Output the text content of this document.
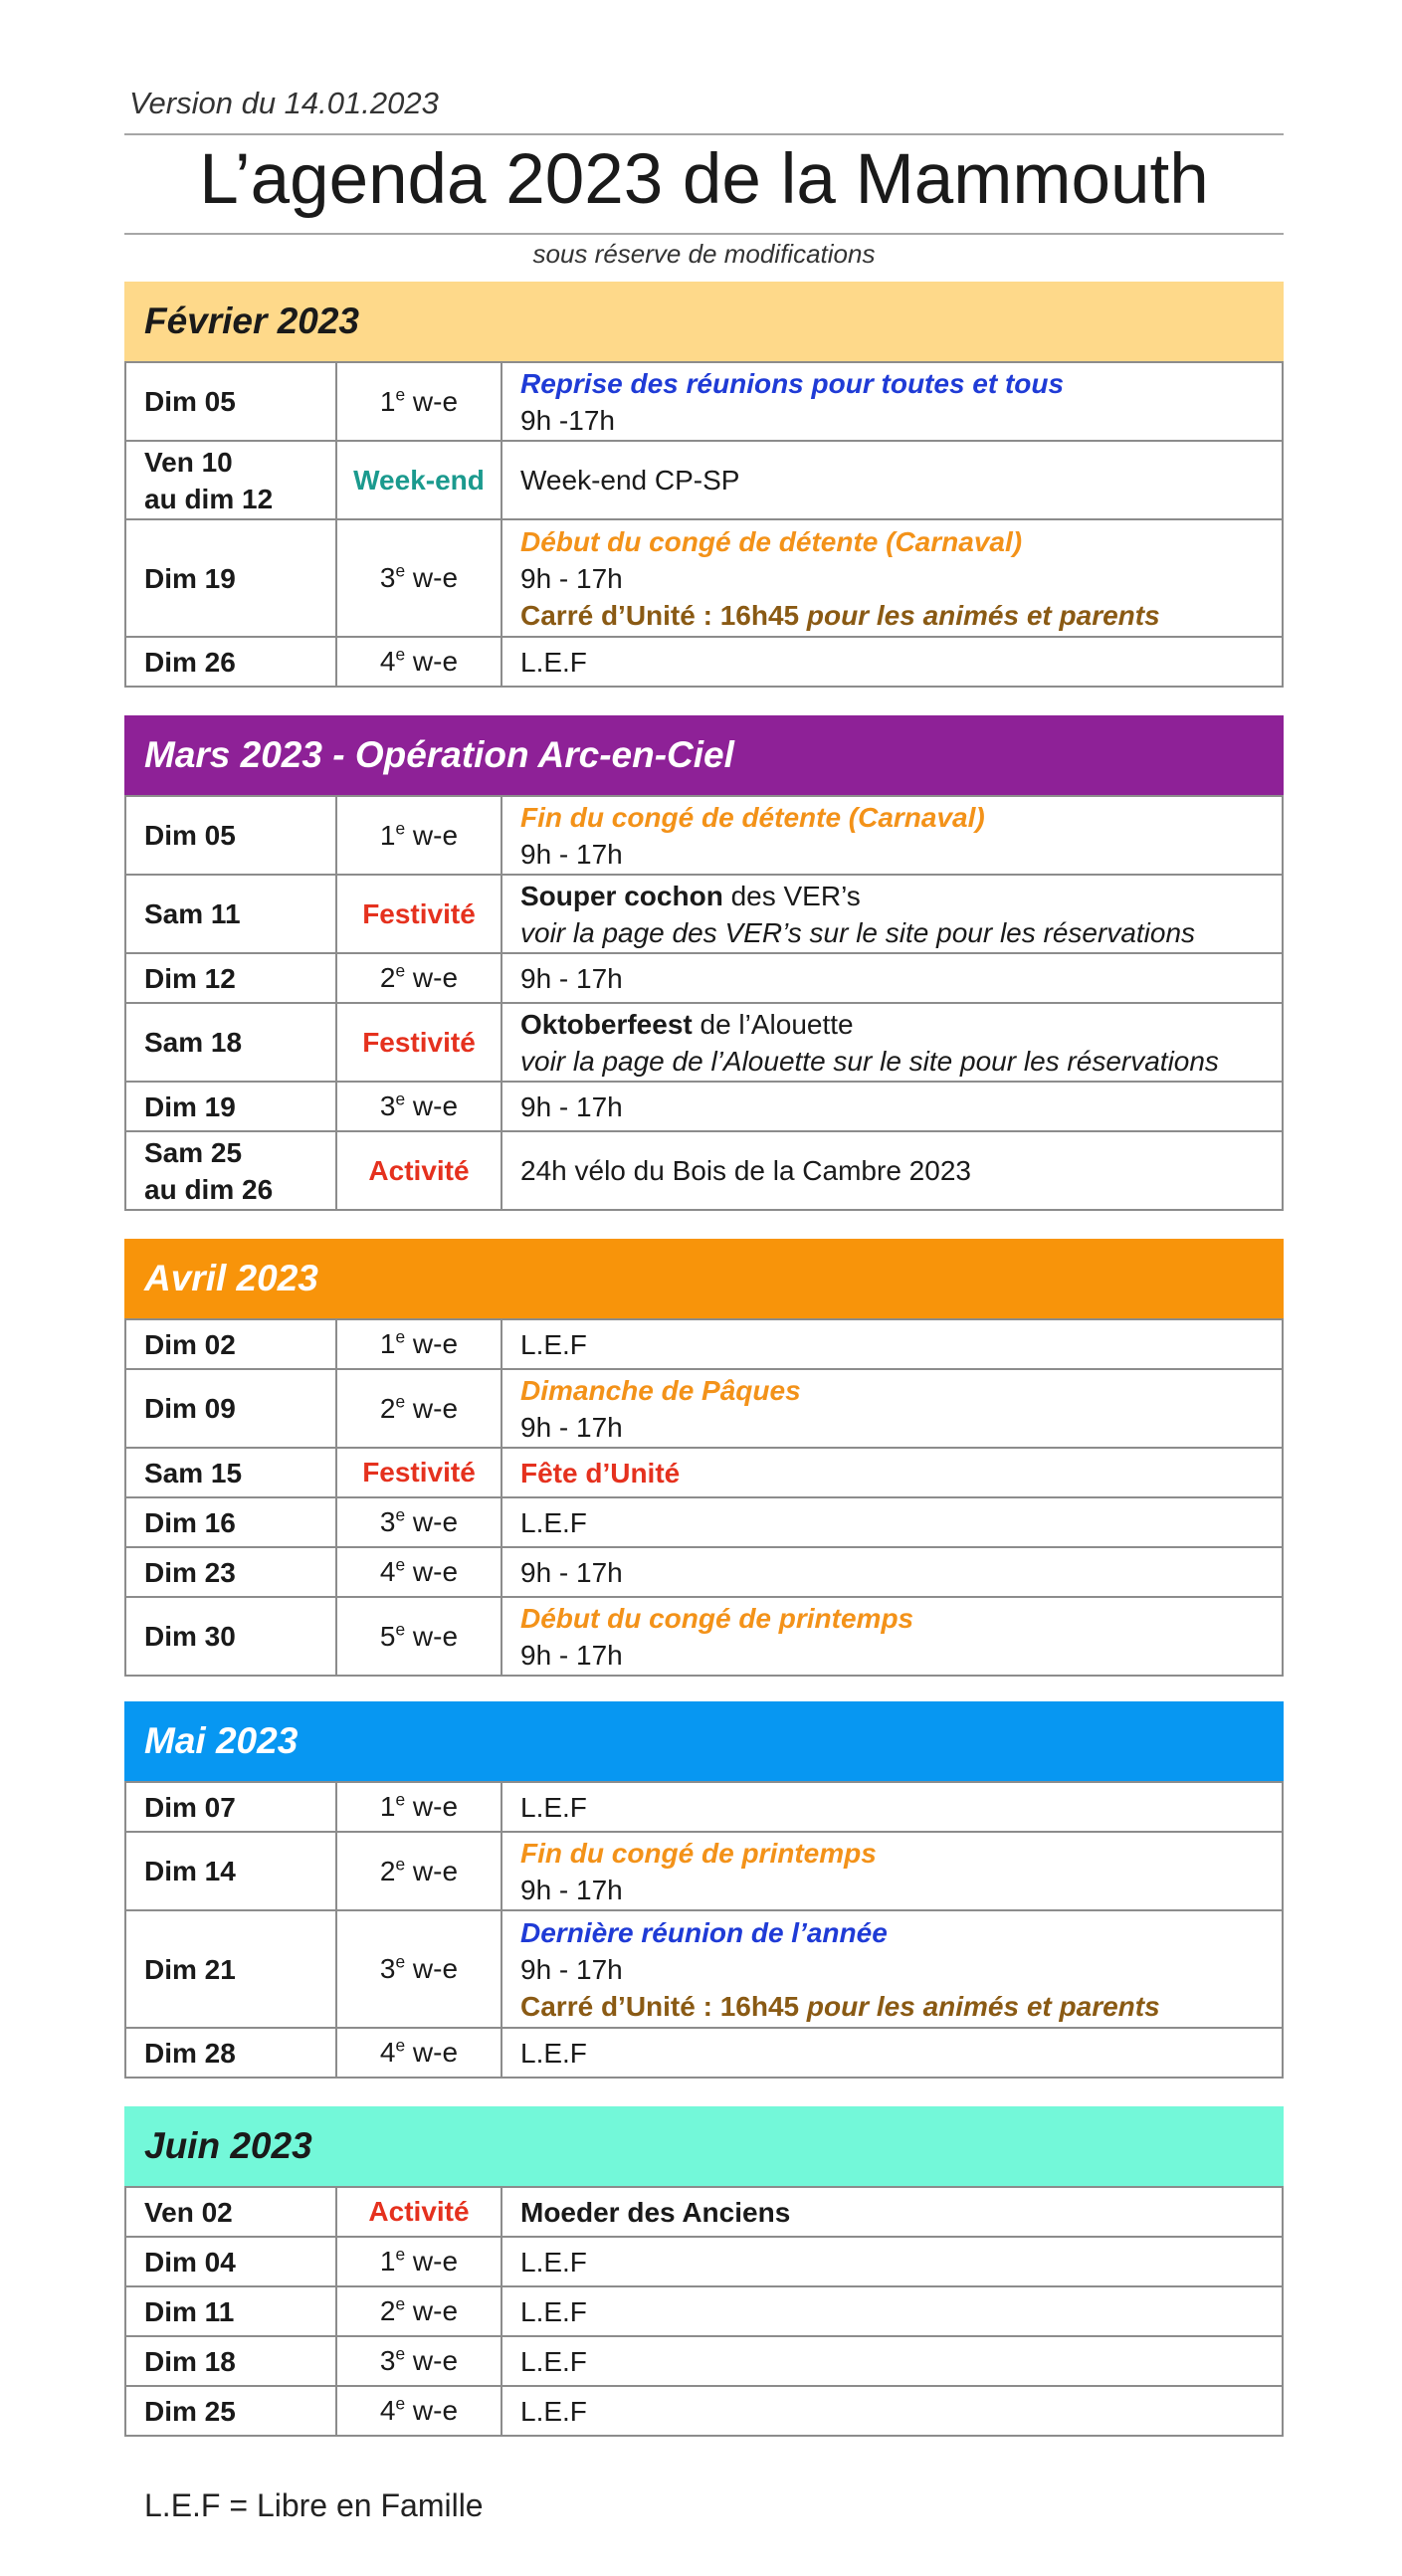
Version du 14.01.2023
L’agenda 2023 de la Mammouth
sous réserve de modifications
Février 2023
Dim 05	1e w-e	Reprise des réunions pour toutes et tous
9h -17h

Ven 10
au dim 12	Week-end	Week-end CP-SP

Dim 19	3e w-e	Début du congé de détente (Carnaval)
9h - 17h
Carré d’Unité : 16h45 pour les animés et parents

Dim 26	4e w-e	L.E.F
Mars 2023 - Opération Arc-en-Ciel
Dim 05	1e w-e	Fin du congé de détente (Carnaval)
9h - 17h

Sam 11	Festivité	Souper cochon des VER’s
voir la page des VER’s sur le site pour les réservations

Dim 12	2e w-e	9h - 17h
Sam 18	Festivité	Oktoberfeest de l’Alouette
voir la page de l’Alouette sur le site pour les réservations

Dim 19	3e w-e	9h - 17h

Sam 25
au dim 26	Activité	24h vélo du Bois de la Cambre 2023
Avril 2023
Dim 02	1e w-e	L.E.F
Dim 09	2e w-e	Dimanche de Pâques
9h - 17h

Sam 15	Festivité	Fête d’Unité
Dim 16	3e w-e	L.E.F
Dim 23	4e w-e	9h - 17h
Dim 30	5e w-e	Début du congé de printemps
9h - 17h
Mai 2023
Dim 07	1e w-e	L.E.F
Dim 14	2e w-e	Fin du congé de printemps
9h - 17h

Dim 21	3e w-e	Dernière réunion de l’année
9h - 17h
Carré d’Unité : 16h45 pour les animés et parents

Dim 28	4e w-e	L.E.F
Juin 2023
Ven 02	Activité	Moeder des Anciens
Dim 04	1e w-e	L.E.F
Dim 11	2e w-e	L.E.F
Dim 18	3e w-e	L.E.F
Dim 25	4e w-e	L.E.F
L.E.F = Libre en Famille
